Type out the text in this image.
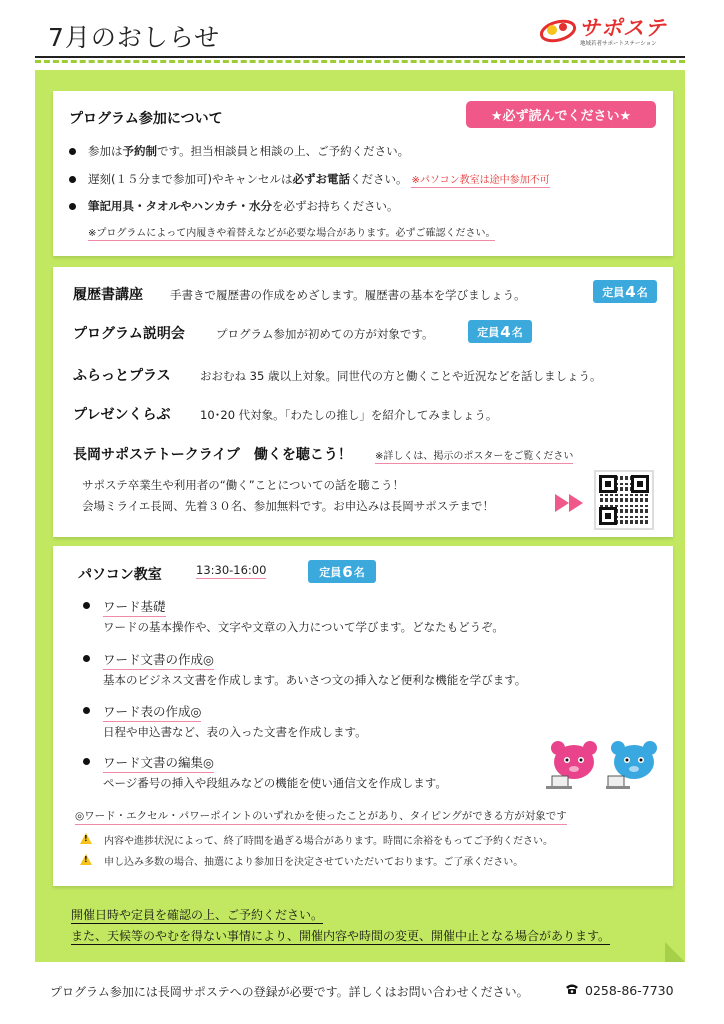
7月のおしらせ	サポステ
地域若者サポートステーション
プログラム参加について	★必ず読んでください★
参加は予約制です。担当相談員と相談の上、ご予約ください。
遅刻(１５分まで参加可)やキャンセルは必ずお電話ください。 ※パソコン教室は途中参加不可
筆記用具・タオルやハンカチ・水分を必ずお持ちください。
※プログラムによって内履きや着替えなどが必要な場合があります。必ずご確認ください。
履歴書講座 手書きで履歴書の作成をめざします。履歴書の基本を学びましょう。	定員 4 名
プログラム説明会	プログラム参加が初めての方が対象です。	定員 4 名
ふらっとプラス	おおむね 35 歳以上対象。同世代の方と働くことや近況などを話しましょう。
プレゼンくらぶ	10･20 代対象。「わたしの推し」を紹介してみましょう。
長岡サポステトークライブ　働くを聴こう！ ※詳しくは、掲示のポスターをご覧ください
サポステ卒業生や利用者の“働く”ことについての話を聴こう！
会場ミライエ長岡、先着３０名、参加無料です。お申込みは長岡サポステまで！
パソコン教室	13:30-16:00	定員 6 名
ワード基礎
ワードの基本操作や、文字や文章の入力について学びます。どなたもどうぞ。
ワード文書の作成◎
基本のビジネス文書を作成します。あいさつ文の挿入など便利な機能を学びます。
ワード表の作成◎
日程や申込書など、表の入った文書を作成します。
ワード文書の編集◎
ページ番号の挿入や段組みなどの機能を使い通信文を作成します。
◎ワード・エクセル・パワーポイントのいずれかを使ったことがあり、タイピングができる方が対象です
! 内容や進捗状況によって、終了時間を過ぎる場合があります。時間に余裕をもってご予約ください。
! 申し込み多数の場合、抽選により参加日を決定させていただいております。ご了承ください。
開催日時や定員を確認の上、ご予約ください。
また、天候等のやむを得ない事情により、開催内容や時間の変更、開催中止となる場合があります。
プログラム参加には長岡サポステへの登録が必要です。詳しくはお問い合わせください。	0258-86-7730
